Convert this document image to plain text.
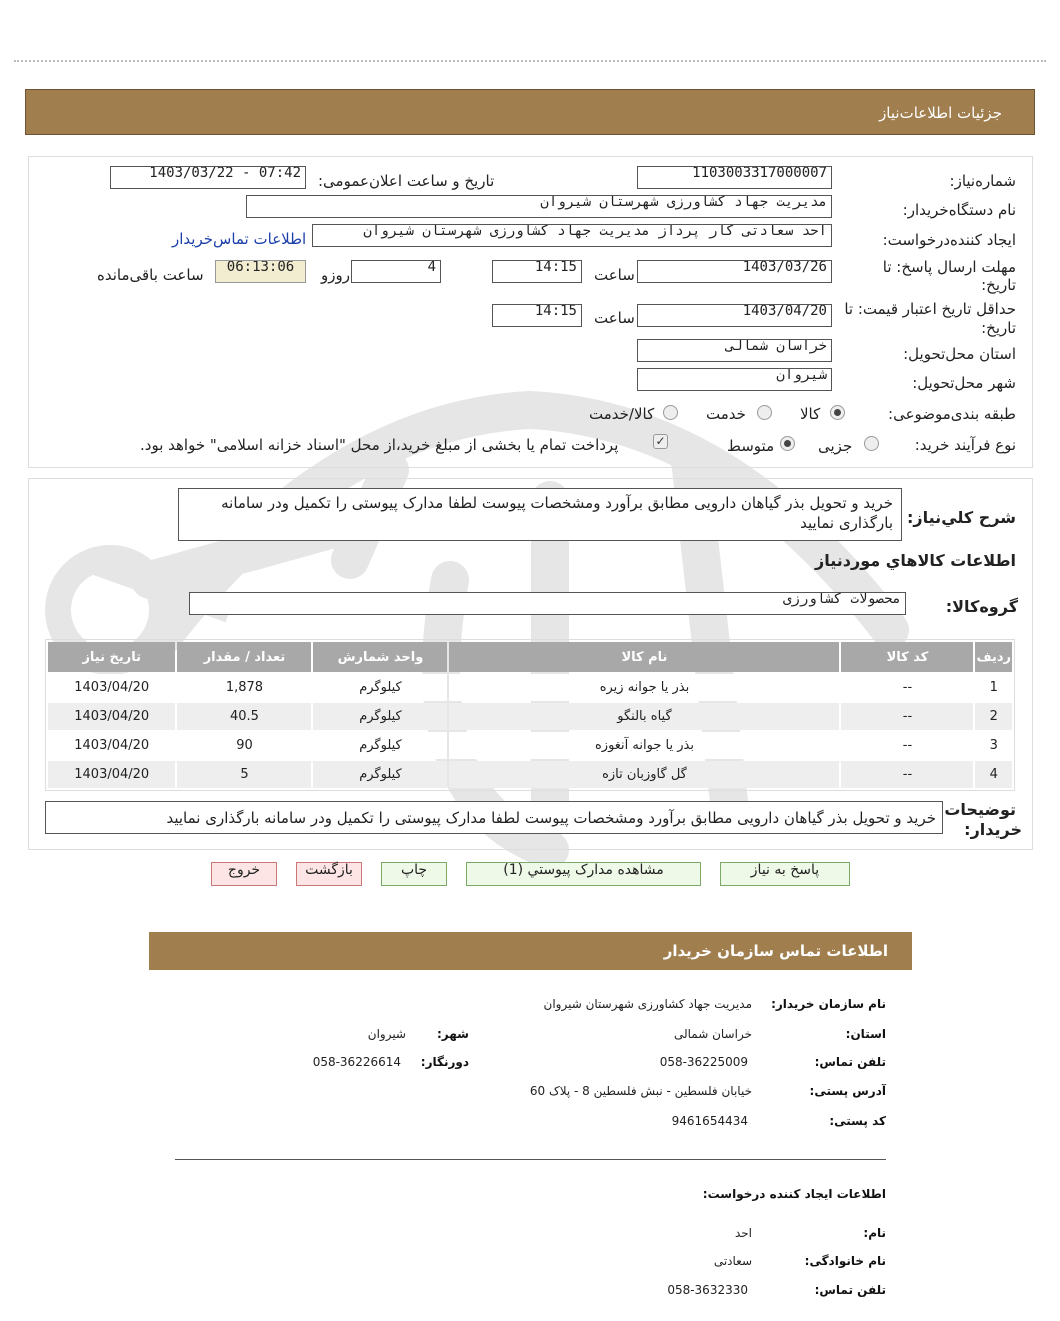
جزئیات اطلاعات‌نیاز
شماره‌نیاز:
1103003317000007
تاریخ و ساعت اعلان‌عمومی:
1403/03/22 - 07:42
نام دستگاه‌خریدار:
مدیریت جهاد کشاورزی شهرستان شیروان
ایجاد کننده‌درخواست:
احد سعادتی کار پرداز مدیریت جهاد کشاورزی شهرستان شیروان
اطلاعات تماس‌خریدار
مهلت ارسال پاسخ: تا
تاریخ:
1403/03/26
ساعت
14:15
4
روزو
06:13:06
ساعت باقی‌مانده
حداقل تاریخ اعتبار قیمت: تا
تاریخ:
1403/04/20
ساعت
14:15
استان محل‌تحویل:
خراسان شمالی
شهر محل‌تحویل:
شیروان
طبقه بندی‌موضوعی:
کالا
خدمت
کالا/خدمت
نوع فرآیند خرید:
جزیی
متوسط
✓
پرداخت تمام یا بخشی از مبلغ خرید،از محل "اسناد خزانه اسلامی" خواهد بود.
شرح کلي‌نیاز:
خرید و تحویل بذر گیاهان دارویی مطابق برآورد ومشخصات پیوست لطفا مدارک پیوستی را تکمیل ودر سامانه بارگذاری نمایید
اطلاعات کالاهاي موردنیاز
گروه‌کالا:
محصولات کشاورزی
ردیف	کد کالا	نام کالا	واحد شمارش	تعداد / مقدار	تاریخ نیاز
1	--	بذر یا جوانه زیره	کیلوگرم	1,878	1403/04/20
2	--	گیاه بالنگو	کیلوگرم	40.5	1403/04/20
3	--	بذر یا جوانه آنغوزه	کیلوگرم	90	1403/04/20
4	--	گل گاوزبان تازه	کیلوگرم	5	1403/04/20
توضیحات
خریدار:
خرید و تحویل بذر گیاهان دارویی مطابق برآورد ومشخصات پیوست لطفا مدارک پیوستی را تکمیل ودر سامانه بارگذاری نمایید
پاسخ به نیاز
مشاهده مدارک پیوستي (1)
چاپ
بازگشت
خروج
اطلاعات تماس سازمان خریدار
نام سازمان خریدار:
مدیریت جهاد کشاورزی شهرستان شیروان
استان:
خراسان شمالی
شهر:
شیروان
تلفن تماس:
058-36225009
دورنگار:
058-36226614
آدرس پستی:
خیابان فلسطین - نبش فلسطین 8 - پلاک 60
کد پستی:
9461654434
اطلاعات ایجاد کننده درخواست:
نام:
احد
نام خانوادگی:
سعادتی
تلفن تماس:
058-3632330
